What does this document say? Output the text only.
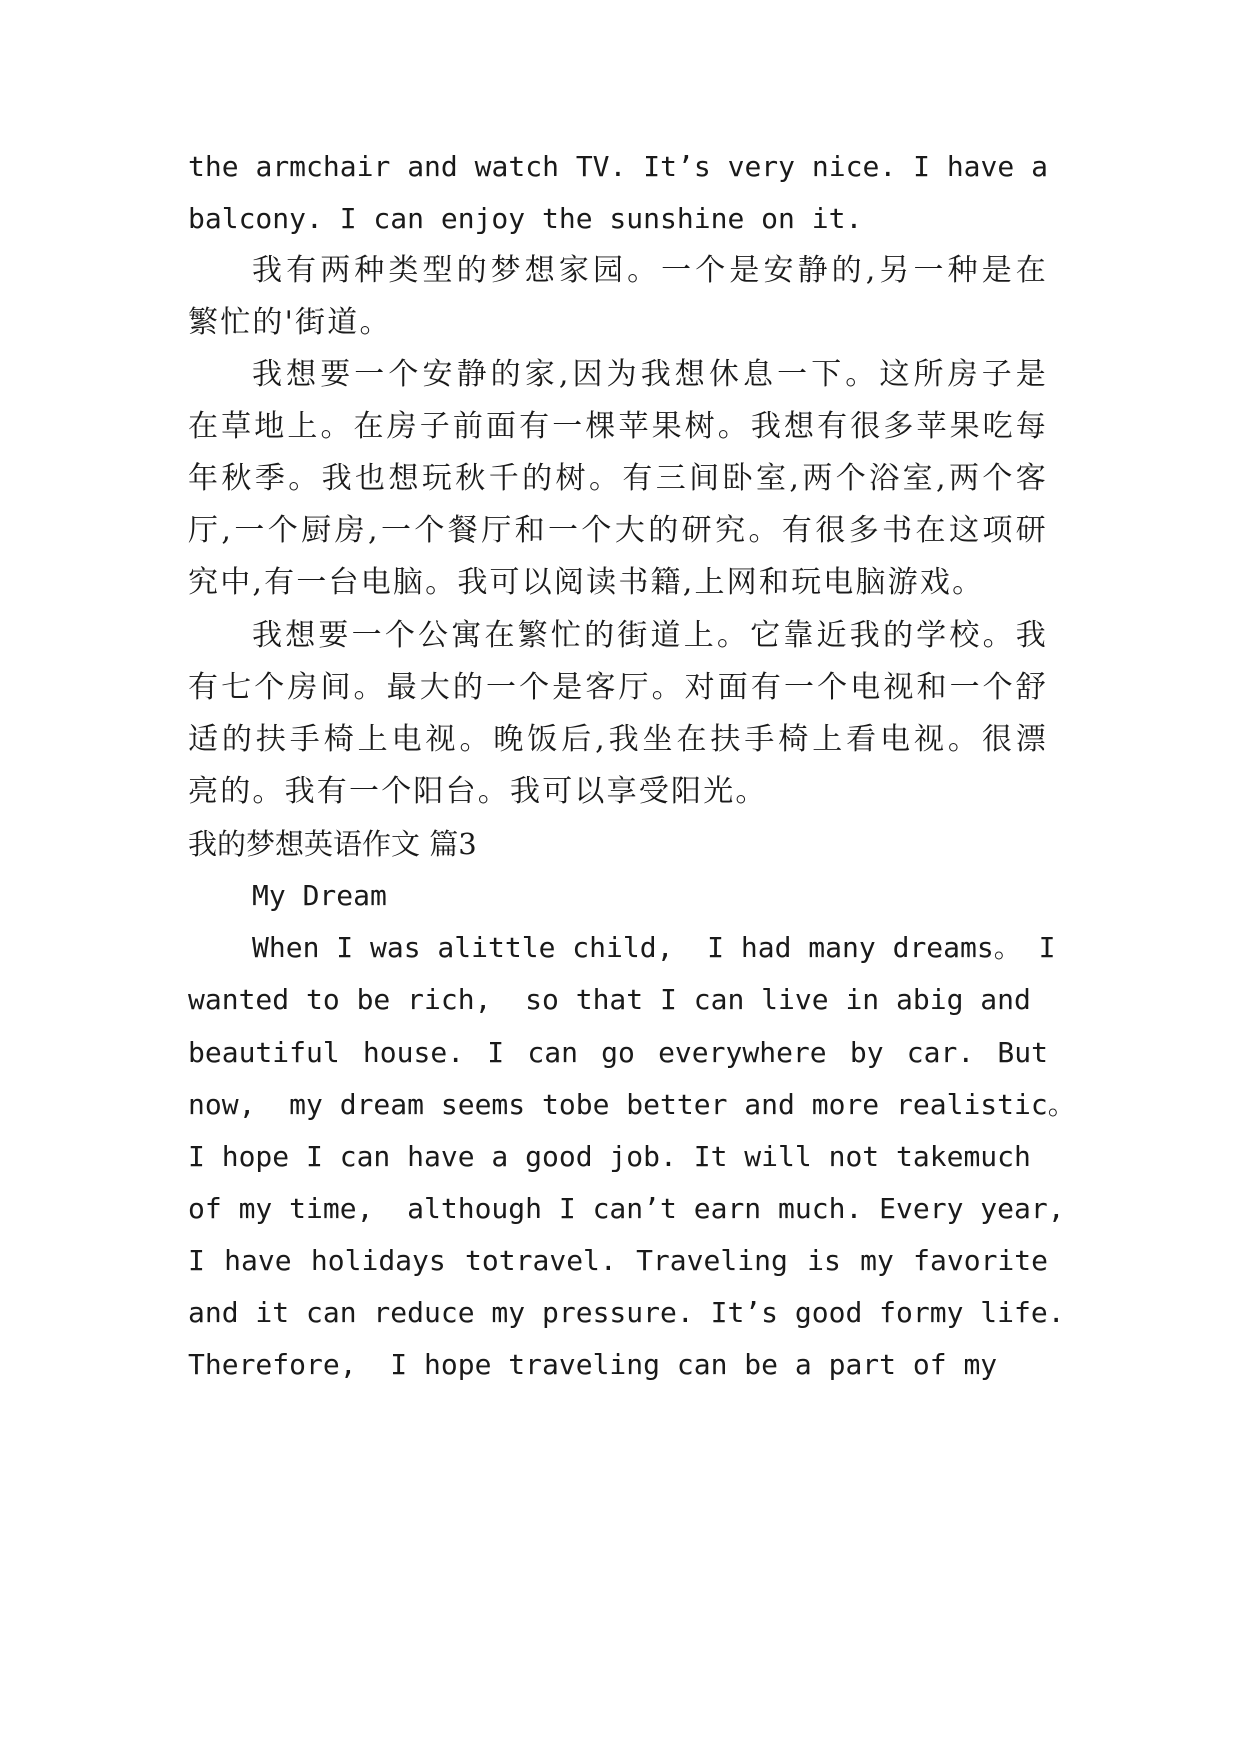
the armchair and watch TV. It’s very nice. I have a
balcony. I can enjoy the sunshine on it.
我有两种类型的梦想家园。一个是安静的,另一种是在
繁忙的'街道。
我想要一个安静的家,因为我想休息一下。这所房子是
在草地上。在房子前面有一棵苹果树。我想有很多苹果吃每
年秋季。我也想玩秋千的树。有三间卧室,两个浴室,两个客
厅,一个厨房,一个餐厅和一个大的研究。有很多书在这项研
究中,有一台电脑。我可以阅读书籍,上网和玩电脑游戏。
我想要一个公寓在繁忙的街道上。它靠近我的学校。我
有七个房间。最大的一个是客厅。对面有一个电视和一个舒
适的扶手椅上电视。晚饭后,我坐在扶手椅上看电视。很漂
亮的。我有一个阳台。我可以享受阳光。
我的梦想英语作文 篇3
My Dream
When I was alittle child,  I had many dreams。 I
wanted to be rich,  so that I can live in abig and
beautiful house. I can go everywhere by car. But
now,  my dream seems tobe better and more realistic。
I hope I can have a good job. It will not takemuch
of my time,  although I can’t earn much. Every year,
I have holidays totravel. Traveling is my favorite
and it can reduce my pressure. It’s good formy life.
Therefore,  I hope traveling can be a part of my
